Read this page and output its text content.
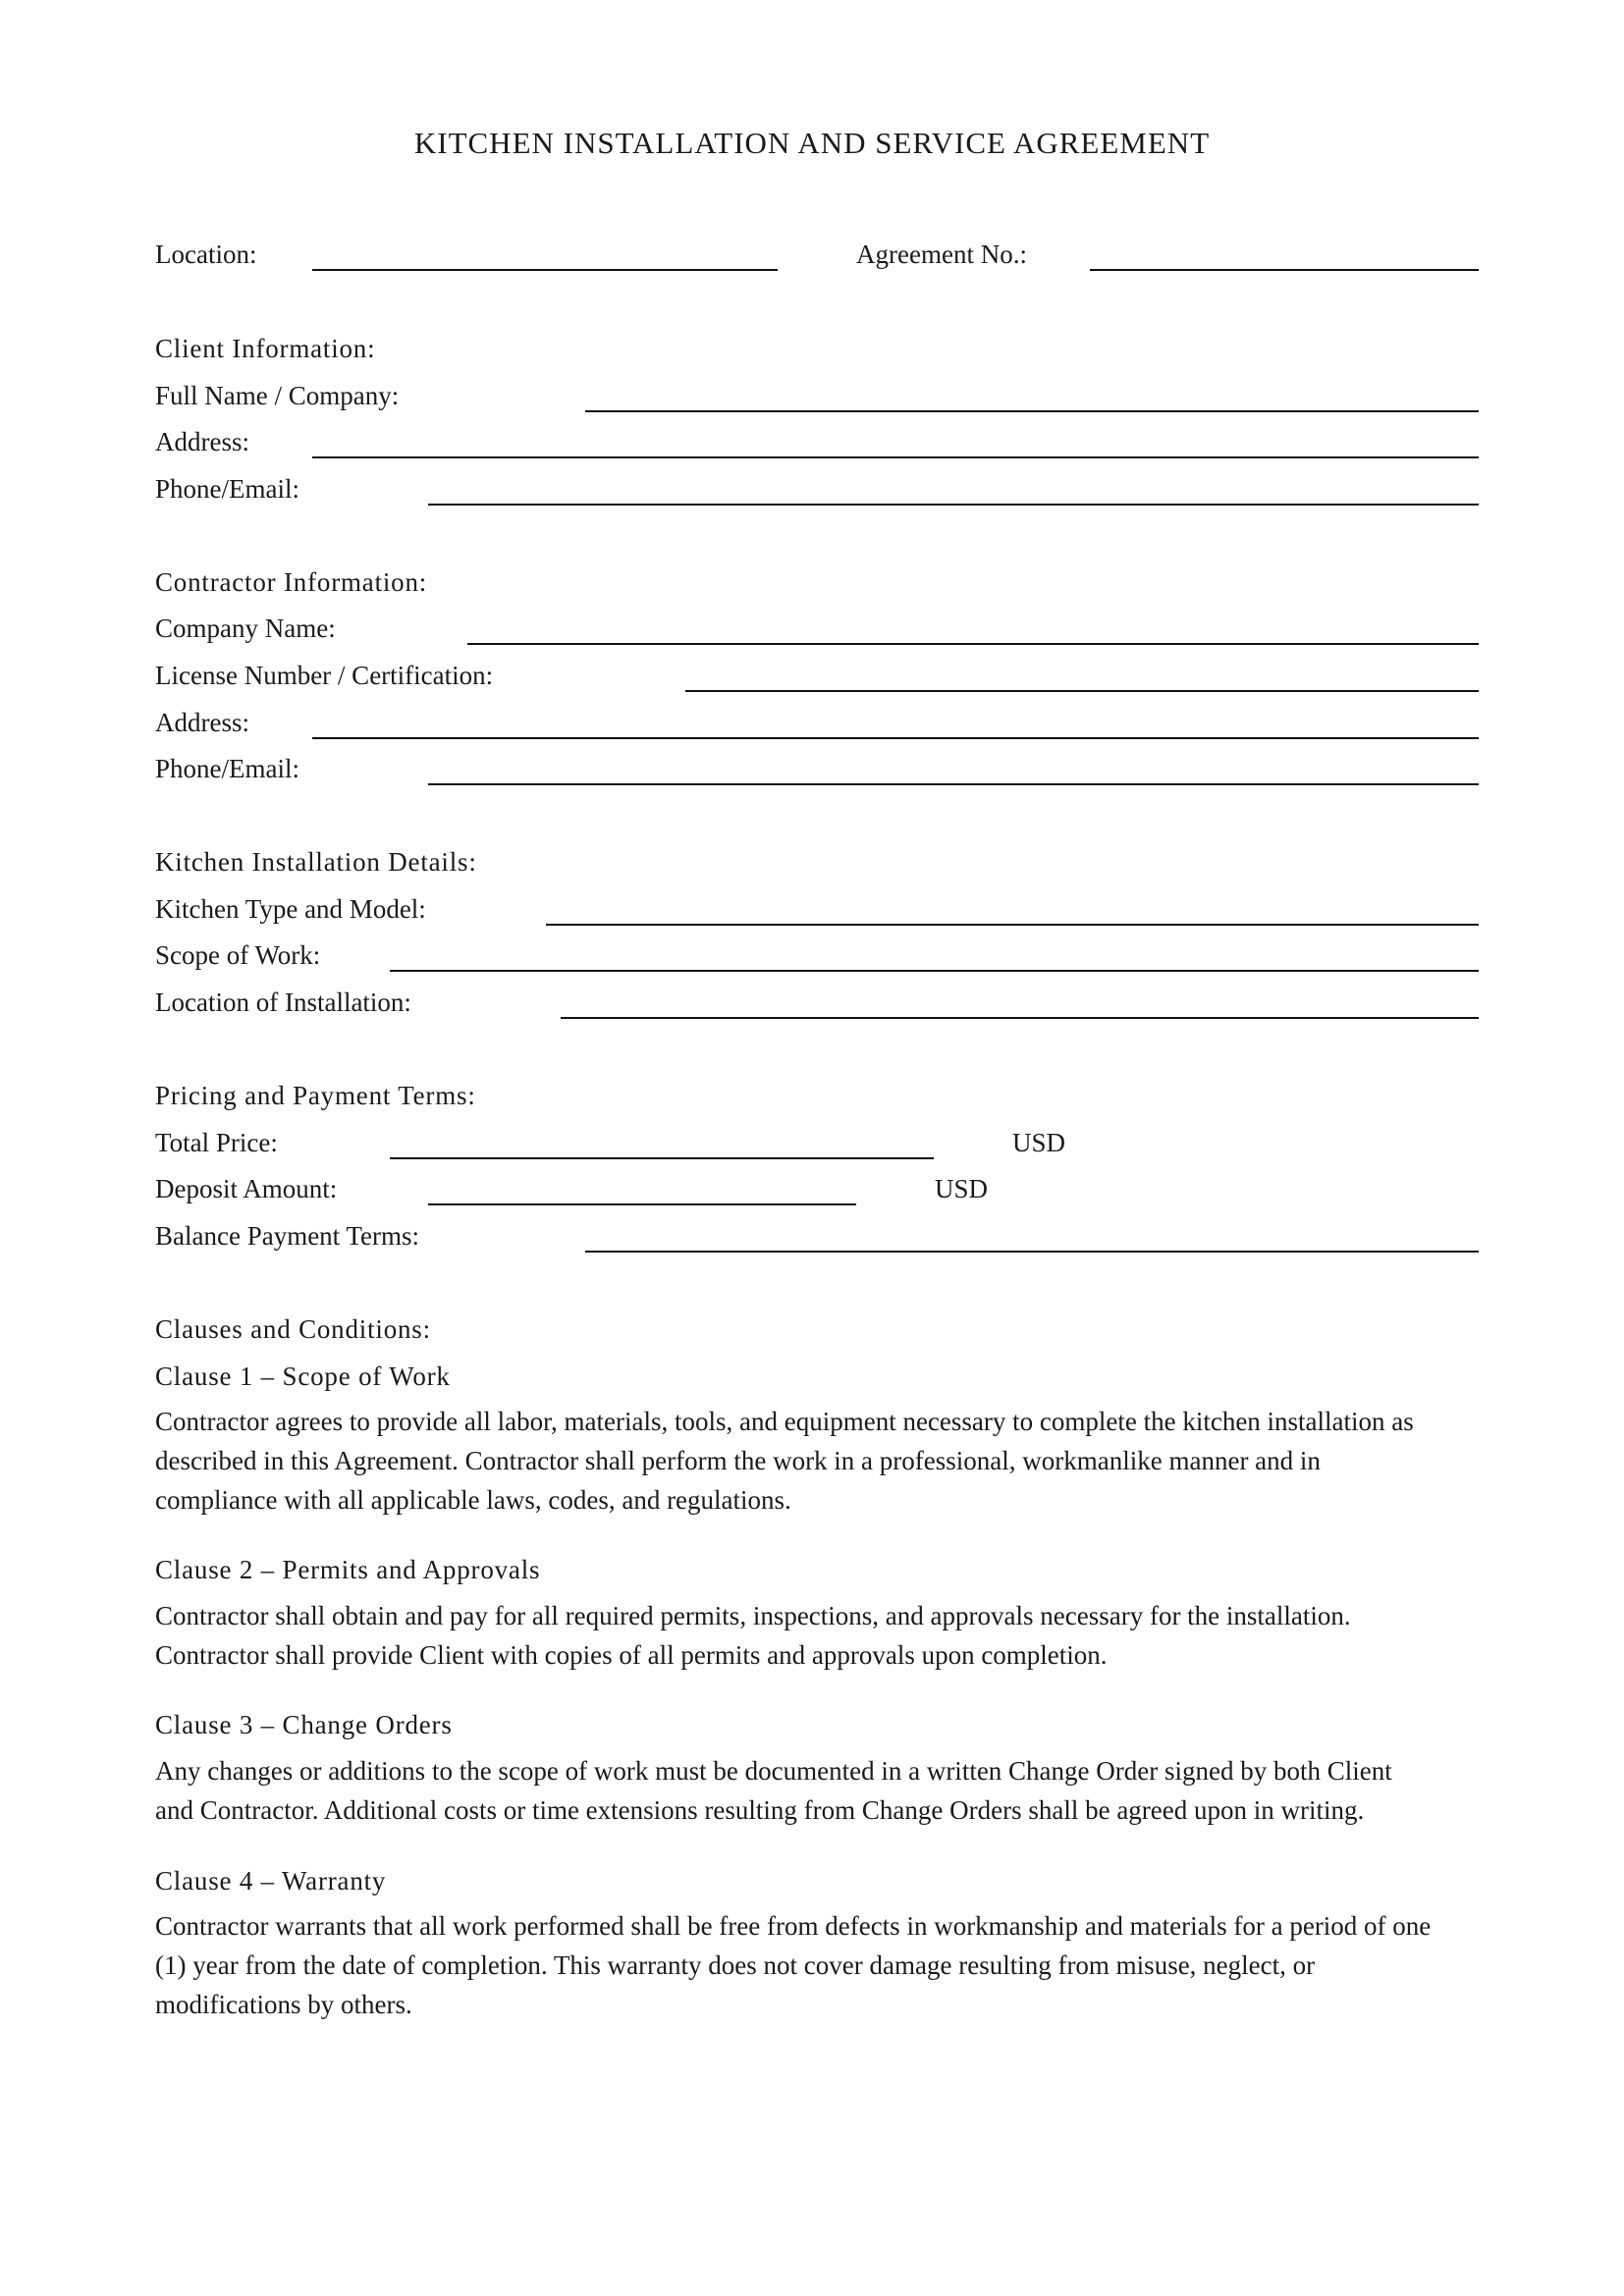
KITCHEN INSTALLATION AND SERVICE AGREEMENT
Location:	Agreement No.:
Client Information:
Full Name / Company:
Address:
Phone/Email:
Contractor Information:
Company Name:
License Number / Certification:
Address:
Phone/Email:
Kitchen Installation Details:
Kitchen Type and Model:
Scope of Work:
Location of Installation:
Pricing and Payment Terms:
Total Price:	USD
Deposit Amount:	USD
Balance Payment Terms:
Clauses and Conditions:
Clause 1 – Scope of Work
Contractor agrees to provide all labor, materials, tools, and equipment necessary to complete the kitchen installation as
described in this Agreement. Contractor shall perform the work in a professional, workmanlike manner and in
compliance with all applicable laws, codes, and regulations.
Clause 2 – Permits and Approvals
Contractor shall obtain and pay for all required permits, inspections, and approvals necessary for the installation.
Contractor shall provide Client with copies of all permits and approvals upon completion.
Clause 3 – Change Orders
Any changes or additions to the scope of work must be documented in a written Change Order signed by both Client
and Contractor. Additional costs or time extensions resulting from Change Orders shall be agreed upon in writing.
Clause 4 – Warranty
Contractor warrants that all work performed shall be free from defects in workmanship and materials for a period of one
(1) year from the date of completion. This warranty does not cover damage resulting from misuse, neglect, or
modifications by others.
